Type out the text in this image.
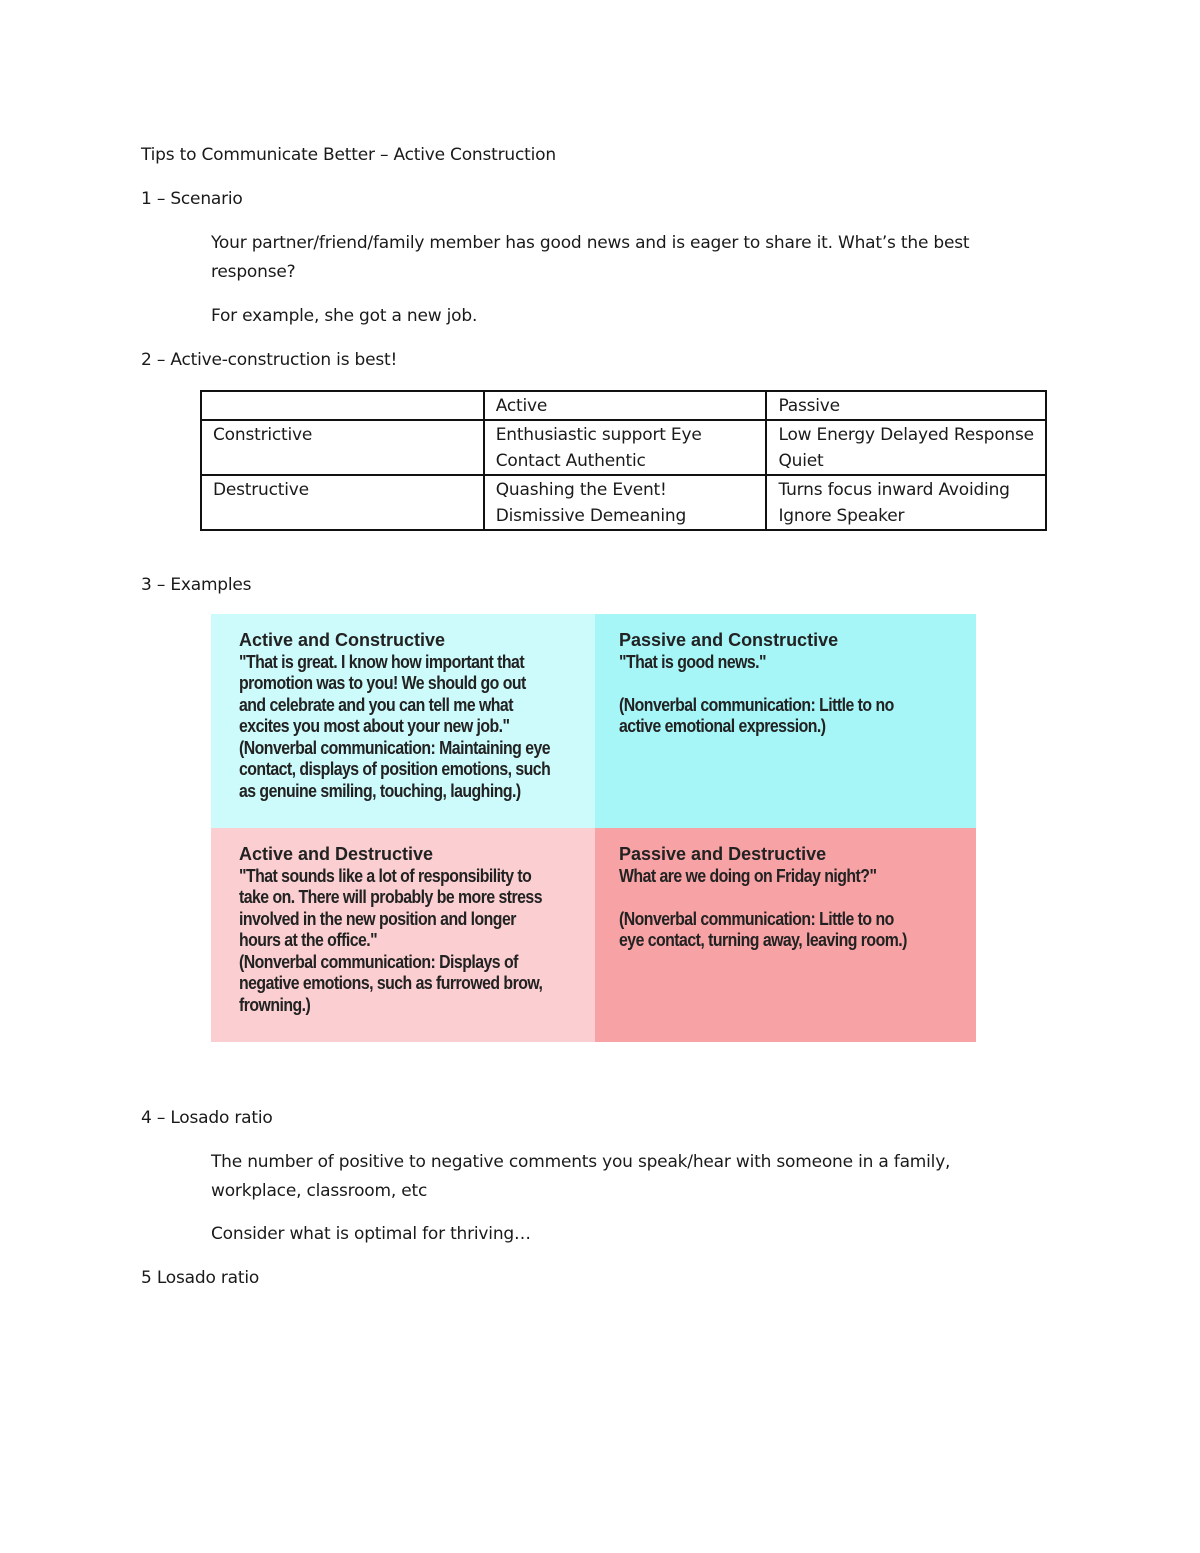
Tips to Communicate Better – Active Construction
1 – Scenario
Your partner/friend/family member has good news and is eager to share it. What’s the best response?
For example, she got a new job.
2 – Active-construction is best!
	Active	Passive
Constrictive	Enthusiastic support Eye Contact Authentic	Low Energy Delayed Response Quiet
Destructive	Quashing the Event! Dismissive Demeaning	Turns focus inward Avoiding Ignore Speaker
3 – Examples
Active and Constructive
"That is great. I know how important that
promotion was to you! We should go out
and celebrate and you can tell me what
excites you most about your new job."
(Nonverbal communication: Maintaining eye
contact, displays of position emotions, such
as genuine smiling, touching, laughing.)
Passive and Constructive
"That is good news."

(Nonverbal communication: Little to no
active emotional expression.)
Active and Destructive
"That sounds like a lot of responsibility to
take on. There will probably be more stress
involved in the new position and longer
hours at the office."
(Nonverbal communication: Displays of
negative emotions, such as furrowed brow,
frowning.)
Passive and Destructive
What are we doing on Friday night?"

(Nonverbal communication: Little to no
eye contact, turning away, leaving room.)
4 – Losado ratio
The number of positive to negative comments you speak/hear with someone in a family, workplace, classroom, etc
Consider what is optimal for thriving…
5 Losado ratio
